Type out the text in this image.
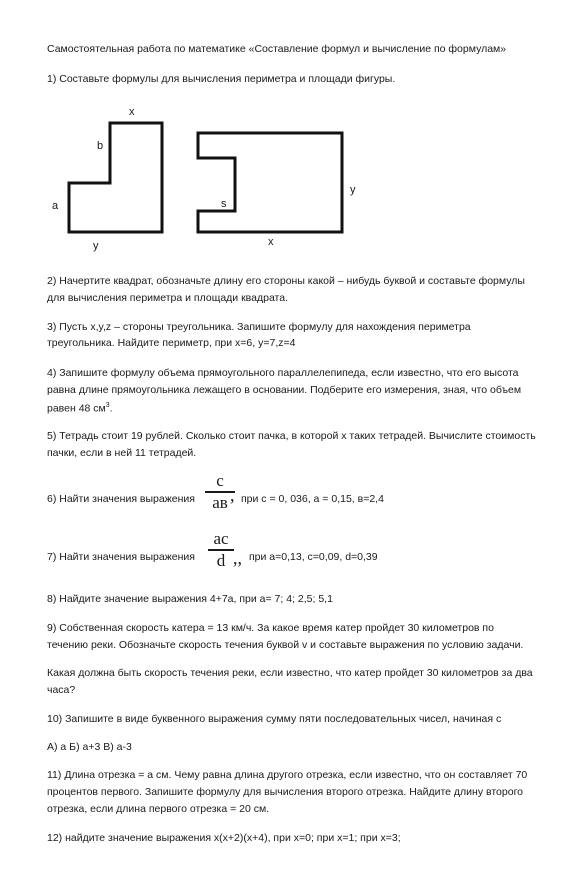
Самостоятельная работа по математике «Составление формул и вычисление по формулам»
1) Составьте формулы для вычисления периметра и площади фигуры.
x
b
a
y
s
y
x
2) Начертите квадрат, обозначьте длину его стороны какой – нибудь буквой и составьте формулы
для вычисления периметра и площади квадрата.
3) Пусть x,y,z – стороны треугольника. Запишите формулу для нахождения периметра
треугольника. Найдите периметр, при x=6, y=7,z=4
4) Запишите формулу объема прямоугольного параллелепипеда, если известно, что его высота
равна длине прямоугольника лежащего в основании. Подберите его измерения, зная, что объем
равен 48 $см^3$.
5) Тетрадь стоит 19 рублей. Сколько стоит пачка, в которой х таких тетрадей. Вычислите стоимость
пачки, если в ней 11 тетрадей.
6) Найти значения выражения
с
ав , при с = 0, 036, а = 0,15, в=2,4
7) Найти значения выражения
ac
d ,, при a=0,13, c=0,09, d=0,39
8) Найдите значение выражения 4+7а, при а= 7; 4; 2,5; 5,1
9) Собственная скорость катера = 13 км/ч. За какое время катер пройдет 30 километров по
течению реки. Обозначьте скорость течения буквой v и составьте выражения по условию задачи.
Какая должна быть скорость течения реки, если известно, что катер пройдет 30 километров за два
часа?
10) Запишите в виде буквенного выражения сумму пяти последовательных чисел, начиная с
А) а Б) а+3 В) а-3
11) Длина отрезка = а см. Чему равна длина другого отрезка, если известно, что он составляет 70
процентов первого. Запишите формулу для вычисления второго отрезка. Найдите длину второго
отрезка, если длина первого отрезка = 20 см.
12) найдите значение выражения x(x+2)(x+4), при x=0; при x=1; при x=3;
